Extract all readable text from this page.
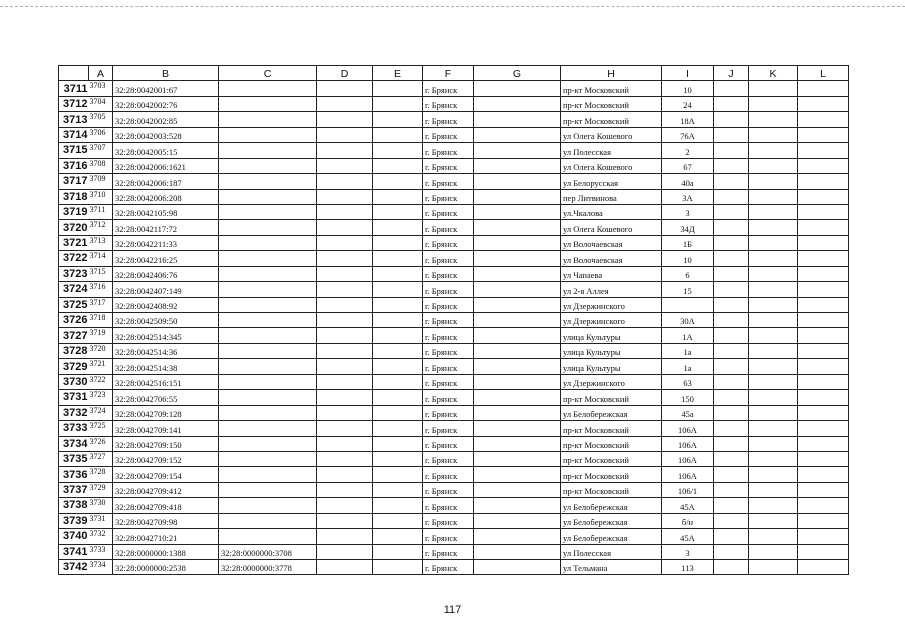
	A	B	C	D	E	F	G	H	I	J	K	L
3711	3703	32:28:0042001:67				г. Брянск		пр-кт Московский	10			
3712	3704	32:28:0042002:76				г. Брянск		пр-кт Московский	24			
3713	3705	32:28:0042002:85				г. Брянск		пр-кт Московский	18А			
3714	3706	32:28:0042003:528				г. Брянск		ул Олега Кошевого	76А			
3715	3707	32:28:0042005:15				г. Брянск		ул Полесская	2			
3716	3708	32:28:0042006:1621				г. Брянск		ул Олега Кошевого	67			
3717	3709	32:28:0042006:187				г. Брянск		ул Белорусская	40а			
3718	3710	32:28:0042006:208				г. Брянск		пер Литвинова	3А			
3719	3711	32:28:0042105:98				г. Брянск		ул.Чкалова	3			
3720	3712	32:28:0042117:72				г. Брянск		ул Олега Кошевого	34Д			
3721	3713	32:28:0042211:33				г. Брянск		ул Волочаевская	1Б			
3722	3714	32:28:0042216:25				г. Брянск		ул Волочаевская	10			
3723	3715	32:28:0042406:76				г. Брянск		ул Чапаева	6			
3724	3716	32:28:0042407:149				г. Брянск		ул 2-я Аллея	15			
3725	3717	32:28:0042408:92				г. Брянск		ул Дзержинского				
3726	3718	32:28:0042509:50				г. Брянск		ул Дзержинского	30А			
3727	3719	32:28:0042514:345				г. Брянск		улица Культуры	1А			
3728	3720	32:28:0042514:36				г. Брянск		улица Культуры	1а			
3729	3721	32:28:0042514:38				г. Брянск		улица Культуры	1а			
3730	3722	32:28:0042516:151				г. Брянск		ул Дзержинского	63			
3731	3723	32:28:0042706:55				г. Брянск		пр-кт Московский	150			
3732	3724	32:28:0042709:128				г. Брянск		ул Белобережская	45а			
3733	3725	32:28:0042709:141				г. Брянск		пр-кт Московский	106А			
3734	3726	32:28:0042709:150				г. Брянск		пр-кт Московский	106А			
3735	3727	32:28:0042709:152				г. Брянск		пр-кт Московский	106А			
3736	3728	32:28:0042709:154				г. Брянск		пр-кт Московский	106А			
3737	3729	32:28:0042709:412				г. Брянск		пр-кт Московский	106/1			
3738	3730	32:28:0042709:418				г. Брянск		ул Белобережская	45А			
3739	3731	32:28:0042709:98				г. Брянск		ул Белобережская	б/н			
3740	3732	32:28:0042710:21				г. Брянск		ул Белобережская	45А			
3741	3733	32:28:0000000:1388	32:28:0000000:3708			г. Брянск		ул Полесская	3			
3742	3734	32:28:0000000:2538	32:28:0000000:3778			г. Брянск		ул Тельмана	113			
117
